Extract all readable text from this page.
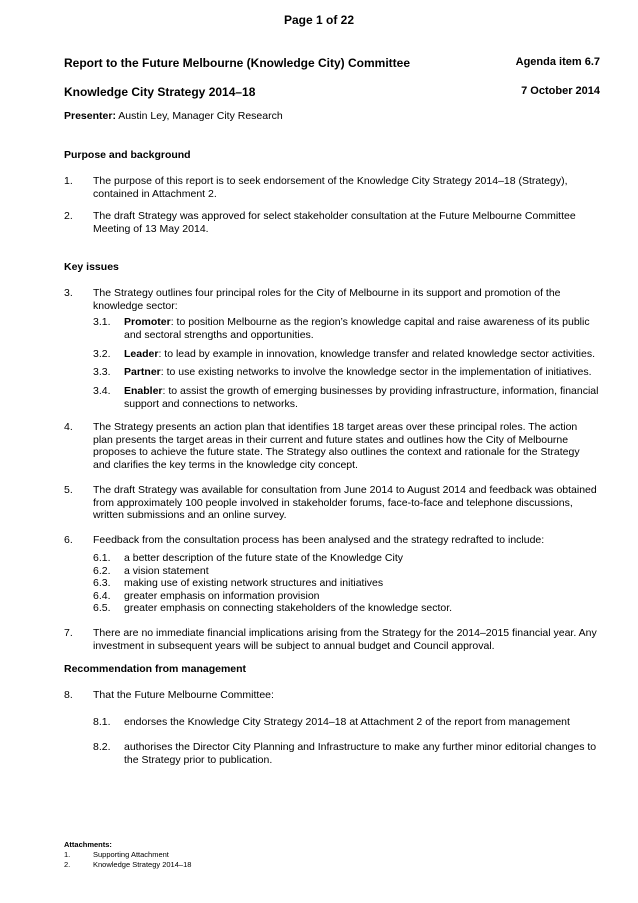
Page 1 of 22
Report to the Future Melbourne (Knowledge City) Committee	Agenda item 6.7
Knowledge City Strategy 2014–18	7 October 2014
Presenter: Austin Ley, Manager City Research
Purpose and background
1.	The purpose of this report is to seek endorsement of the Knowledge City Strategy 2014–18 (Strategy),
contained in Attachment 2.
2.	The draft Strategy was approved for select stakeholder consultation at the Future Melbourne Committee
Meeting of 13 May 2014.
Key issues
3.	The Strategy outlines four principal roles for the City of Melbourne in its support and promotion of the
knowledge sector:
3.1.	Promoter: to position Melbourne as the region’s knowledge capital and raise awareness of its public
and sectoral strengths and opportunities.
3.2.	Leader: to lead by example in innovation, knowledge transfer and related knowledge sector activities.
3.3.	Partner: to use existing networks to involve the knowledge sector in the implementation of initiatives.
3.4.	Enabler: to assist the growth of emerging businesses by providing infrastructure, information, financial
support and connections to networks.
4.	The Strategy presents an action plan that identifies 18 target areas over these principal roles. The action
plan presents the target areas in their current and future states and outlines how the City of Melbourne
proposes to achieve the future state. The Strategy also outlines the context and rationale for the Strategy
and clarifies the key terms in the knowledge city concept.
5.	The draft Strategy was available for consultation from June 2014 to August 2014 and feedback was obtained
from approximately 100 people involved in stakeholder forums, face-to-face and telephone discussions,
written submissions and an online survey.
6.	Feedback from the consultation process has been analysed and the strategy redrafted to include:
6.1.	a better description of the future state of the Knowledge City
6.2.	a vision statement
6.3.	making use of existing network structures and initiatives
6.4.	greater emphasis on information provision
6.5.	greater emphasis on connecting stakeholders of the knowledge sector.
7.	There are no immediate financial implications arising from the Strategy for the 2014–2015 financial year. Any
investment in subsequent years will be subject to annual budget and Council approval.
Recommendation from management
8.	That the Future Melbourne Committee:
8.1.	endorses the Knowledge City Strategy 2014–18 at Attachment 2 of the report from management
8.2.	authorises the Director City Planning and Infrastructure to make any further minor editorial changes to
the Strategy prior to publication.
Attachments:
1.	Supporting Attachment
2.	Knowledge Strategy 2014–18
